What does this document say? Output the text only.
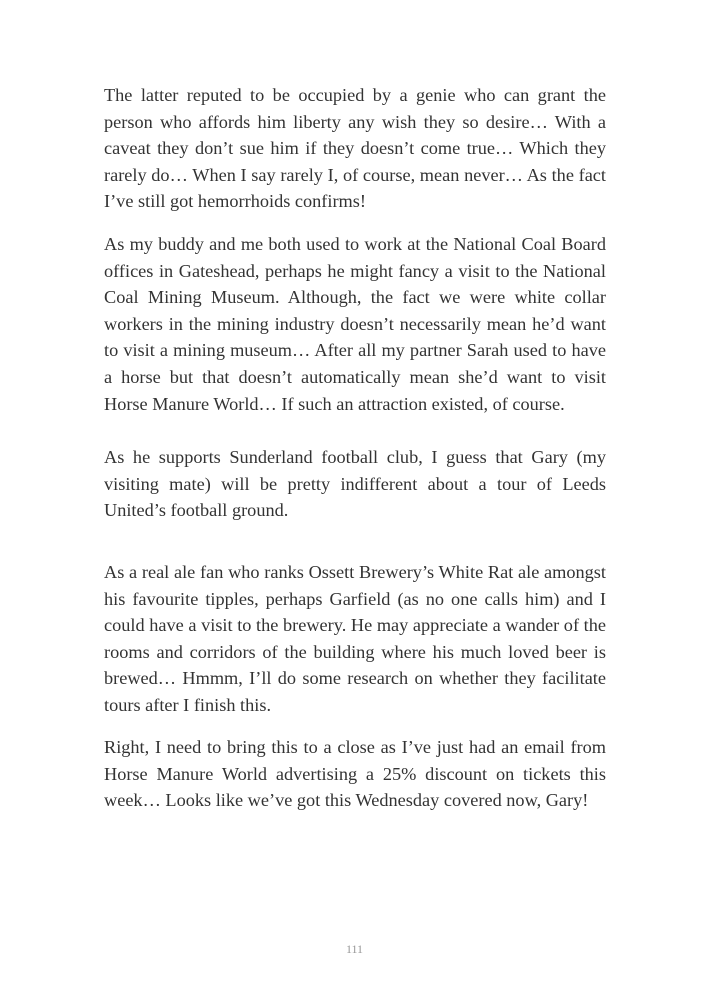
The latter reputed to be occupied by a genie who can grant the person who affords him liberty any wish they so desire… With a caveat they don’t sue him if they doesn’t come true… Which they rarely do… When I say rarely I, of course, mean never… As the fact I’ve still got hemorrhoids confirms!

As my buddy and me both used to work at the National Coal Board offices in Gateshead, perhaps he might fancy a visit to the National Coal Mining Museum. Although, the fact we were white collar workers in the mining industry doesn’t necessarily mean he’d want to visit a mining museum… After all my partner Sarah used to have a horse but that doesn’t automatically mean she’d want to visit Horse Manure World… If such an attraction existed, of course.

As he supports Sunderland football club, I guess that Gary (my visiting mate) will be pretty indifferent about a tour of Leeds United’s football ground.

As a real ale fan who ranks Ossett Brewery’s White Rat ale amongst his favourite tipples, perhaps Garfield (as no one calls him) and I could have a visit to the brewery. He may appreciate a wander of the rooms and corridors of the building where his much loved beer is brewed… Hmmm, I’ll do some research on whether they facilitate tours after I finish this.

Right, I need to bring this to a close as I’ve just had an email from Horse Manure World advertising a 25% discount on tickets this week… Looks like we’ve got this Wednesday covered now, Gary!

111
